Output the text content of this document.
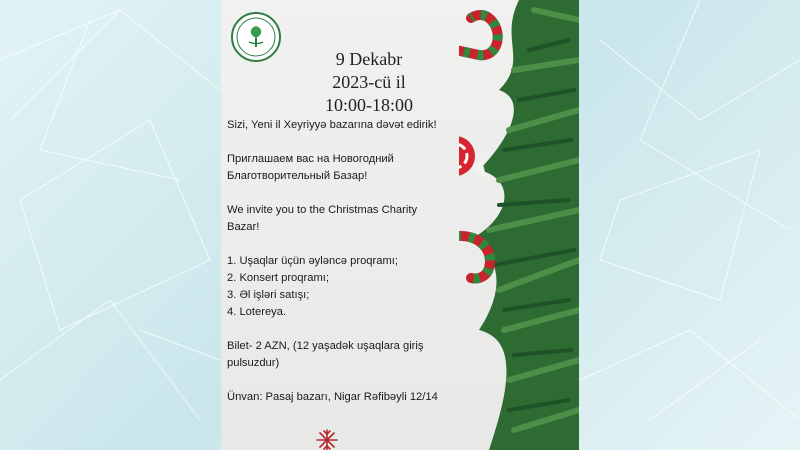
9 Dekabr
2023-cü il
10:00-18:00

Sizi, Yeni il Xeyriyyə bazarına dəvət edirik!

Приглашаем вас на Новогодний

Благотворительный Базар!

We invite you to the Christmas Charity

Bazar!

1. Uşaqlar üçün əyləncə proqramı;

2. Konsert proqramı;

3. Əl işləri satışı;

4. Lotereya.

Bilet- 2 AZN, (12 yaşadək uşaqlara giriş

pulsuzdur)

Ünvan: Pasaj bazarı, Nigar Rəfibəyli 12/14
